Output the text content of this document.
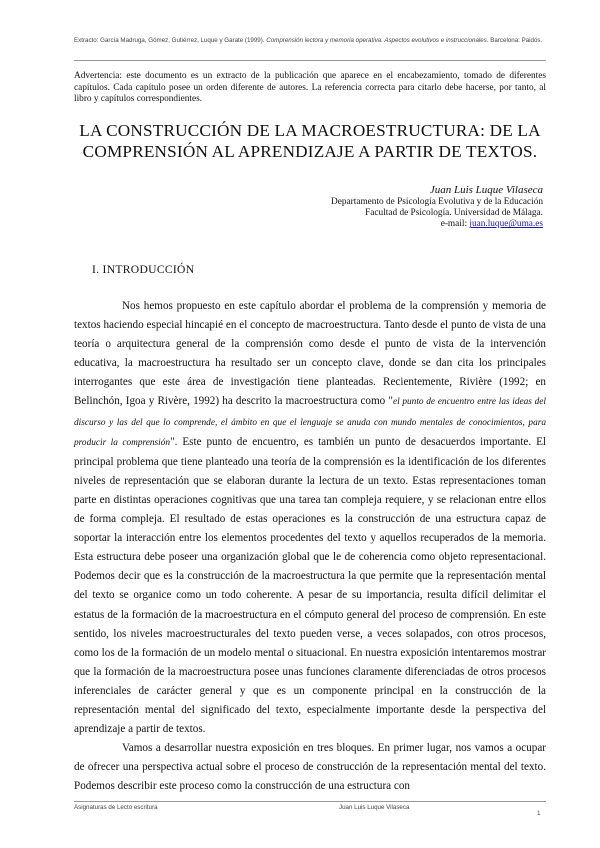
Extracto: García Madruga, Gómez, Gutiérrez, Luque y Garate (1999). Comprensión lectora y memoria operativa. Aspectos evolutivos e instruccionales. Barcelona: Paidós.
Advertencia: este documento es un extracto de la publicación que aparece en el encabezamiento, tomado de diferentes capítulos. Cada capítulo posee un orden diferente de autores. La referencia correcta para citarlo debe hacerse, por tanto, al libro y capítulos correspondientes.
LA CONSTRUCCIÓN DE LA MACROESTRUCTURA: DE LA COMPRENSIÓN AL APRENDIZAJE A PARTIR DE TEXTOS.
Juan Luis Luque Vilaseca
Departamento de Psicología Evolutiva y de la Educación
Facultad de Psicología. Universidad de Málaga.
e-mail: juan.luque@uma.es
I. INTRODUCCIÓN

Nos hemos propuesto en este capítulo abordar el problema de la comprensión y memoria de textos haciendo especial hincapié en el concepto de macroestructura. Tanto desde el punto de vista de una teoría o arquitectura general de la comprensión como desde el punto de vista de la intervención educativa, la macroestructura ha resultado ser un concepto clave, donde se dan cita los principales interrogantes que este área de investigación tiene planteadas. Recientemente, Rivière (1992; en Belinchón, Igoa y Rivère, 1992) ha descrito la macroestructura como "el punto de encuentro entre las ideas del discurso y las del que lo comprende, el ámbito en que el lenguaje se anuda con mundo mentales de conocimientos, para producir la comprensión". Este punto de encuentro, es también un punto de desacuerdos importante. El principal problema que tiene planteado una teoría de la comprensión es la identificación de los diferentes niveles de representación que se elaboran durante la lectura de un texto. Estas representaciones toman parte en distintas operaciones cognitivas que una tarea tan compleja requiere, y se relacionan entre ellos de forma compleja. El resultado de estas operaciones es la construcción de una estructura capaz de soportar la interacción entre los elementos procedentes del texto y aquellos recuperados de la memoria. Esta estructura debe poseer una organización global que le de coherencia como objeto representacional. Podemos decir que es la construcción de la macroestructura la que permite que la representación mental del texto se organice como un todo coherente. A pesar de su importancia, resulta difícil delimitar el estatus de la formación de la macroestructura en el cómputo general del proceso de comprensión. En este sentido, los niveles macroestructurales del texto pueden verse, a veces solapados, con otros procesos, como los de la formación de un modelo mental o situacional. En nuestra exposición intentaremos mostrar que la formación de la macroestructura posee unas funciones claramente diferenciadas de otros procesos inferenciales de carácter general y que es un componente principal en la construcción de la representación mental del significado del texto, especialmente importante desde la perspectiva del aprendizaje a partir de textos.

Vamos a desarrollar nuestra exposición en tres bloques. En primer lugar, nos vamos a ocupar de ofrecer una perspectiva actual sobre el proceso de construcción de la representación mental del texto. Podemos describir este proceso como la construcción de una estructura con

Asignaturas de Lecto escritura	Juan Luis Luque Vilaseca
1
